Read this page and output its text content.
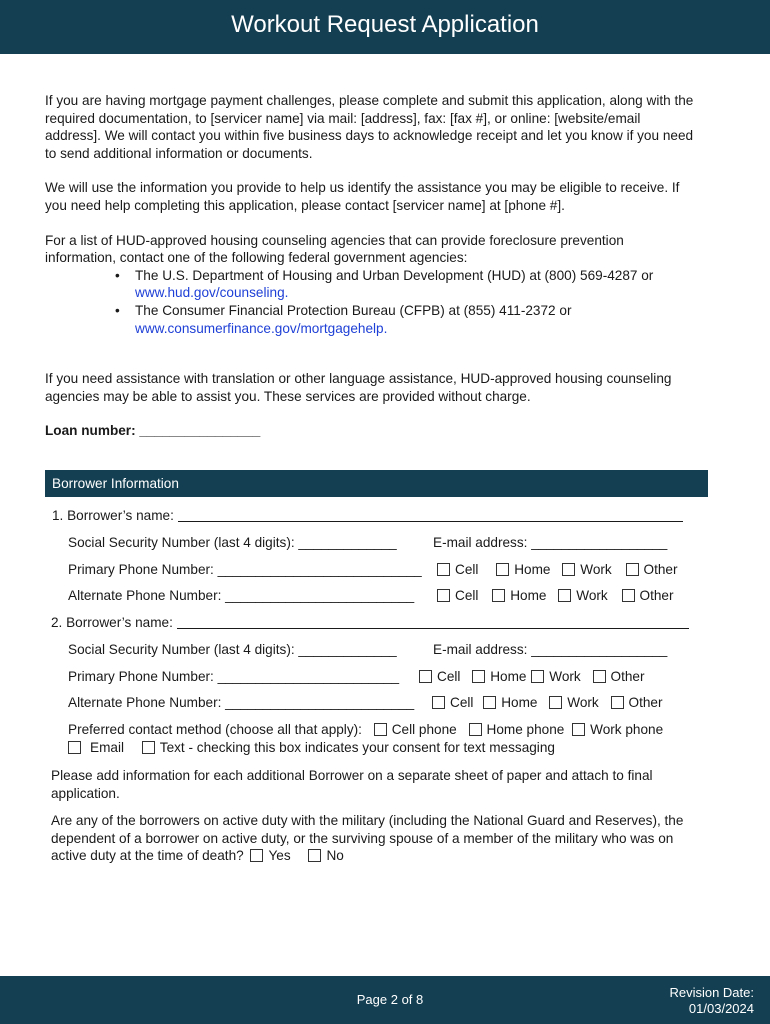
Workout Request Application

If you are having mortgage payment challenges, please complete and submit this application, along with the required documentation, to [servicer name] via mail: [address], fax: [fax #], or online: [website/email address]. We will contact you within five business days to acknowledge receipt and let you know if you need to send additional information or documents.

We will use the information you provide to help us identify the assistance you may be eligible to receive. If you need help completing this application, please contact [servicer name] at [phone #].

For a list of HUD-approved housing counseling agencies that can provide foreclosure prevention information, contact one of the following federal government agencies:

• The U.S. Department of Housing and Urban Development (HUD) at (800) 569-4287 or
www.hud.gov/counseling.
• The Consumer Financial Protection Bureau (CFPB) at (855) 411-2372 or
www.consumerfinance.gov/mortgagehelp.

If you need assistance with translation or other language assistance, HUD-approved housing counseling agencies may be able to assist you. These services are provided without charge.

Loan number: ________________

Borrower Information
1. Borrower’s name:
Social Security Number (last 4 digits): _____________	E-mail address: __________________
Primary Phone Number: ___________________________	Cell	Home Work Other
Alternate Phone Number: _________________________	Cell Home Work Other
2. Borrower’s name:
Social Security Number (last 4 digits): _____________	E-mail address: __________________
Primary Phone Number: ________________________	Cell Home Work Other
Alternate Phone Number: _________________________	Cell Home Work Other
Preferred contact method (choose all that apply): Cell phone Home phone Work phone
Email	Text - checking this box indicates your consent for text messaging

Please add information for each additional Borrower on a separate sheet of paper and attach to final application.

Are any of the borrowers on active duty with the military (including the National Guard and Reserves), the dependent of a borrower on active duty, or the surviving spouse of a member of the military who was on active duty at the time of death? Yes	No
Page 2 of 8	Revision Date:
01/03/2024
